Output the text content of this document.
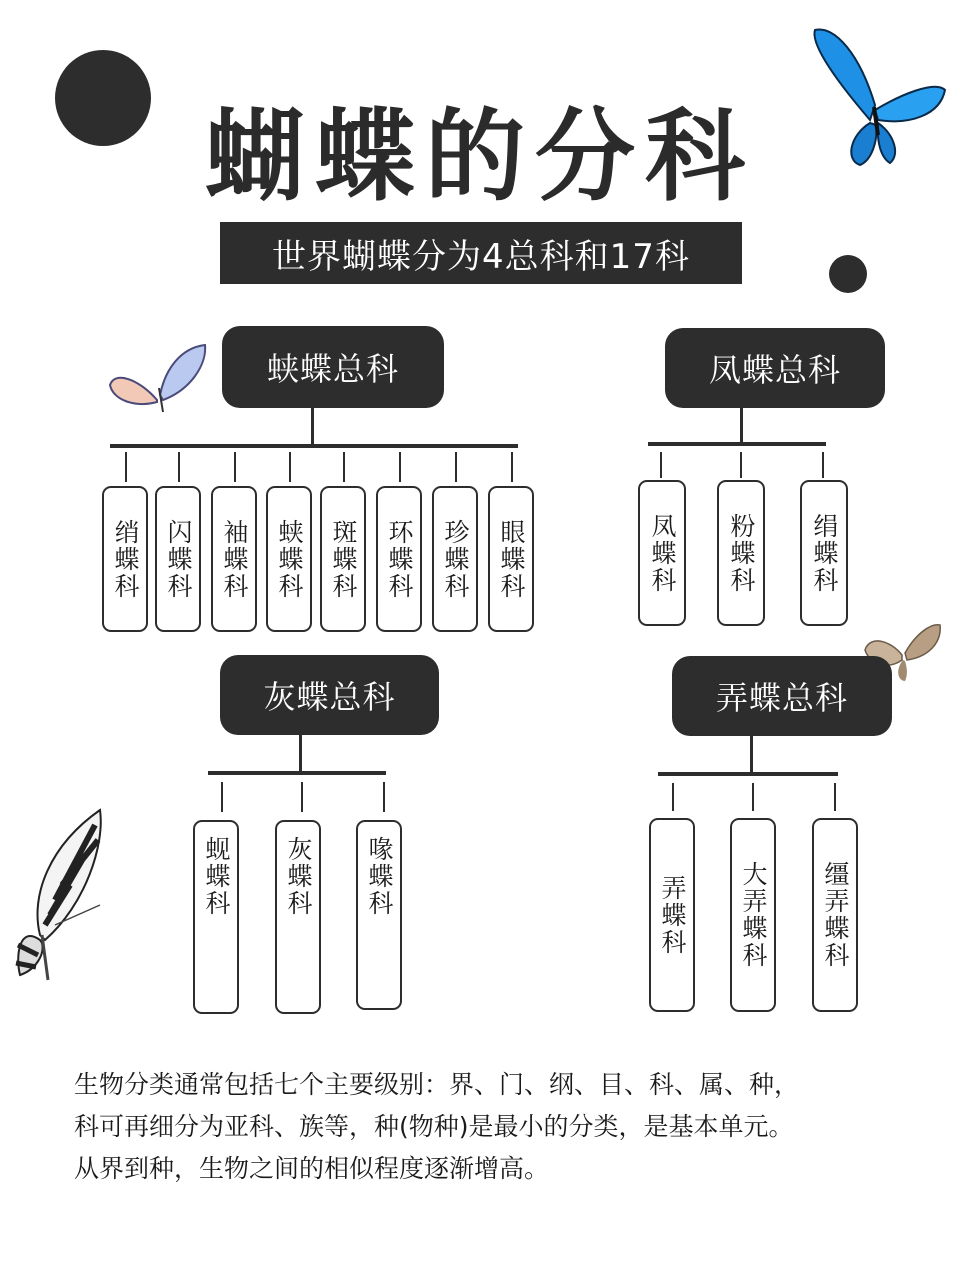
蝴蝶的分科
世界蝴蝶分为4总科和17科
蛱蝶总科
绡蝶科 闪蝶科	袖蝶科	蛱蝶科	斑蝶科	环蝶科	珍蝶科	眼蝶科
凤蝶总科
凤蝶科	粉蝶科	绢蝶科
灰蝶总科
蚬蝶科	灰蝶科	喙蝶科
弄蝶总科
弄蝶科	大弄蝶科	缰弄蝶科
生物分类通常包括七个主要级别：界、门、纲、目、科、属、种，
科可再细分为亚科、族等，种(物种)是最小的分类，是基本单元。
从界到种，生物之间的相似程度逐渐增高。
